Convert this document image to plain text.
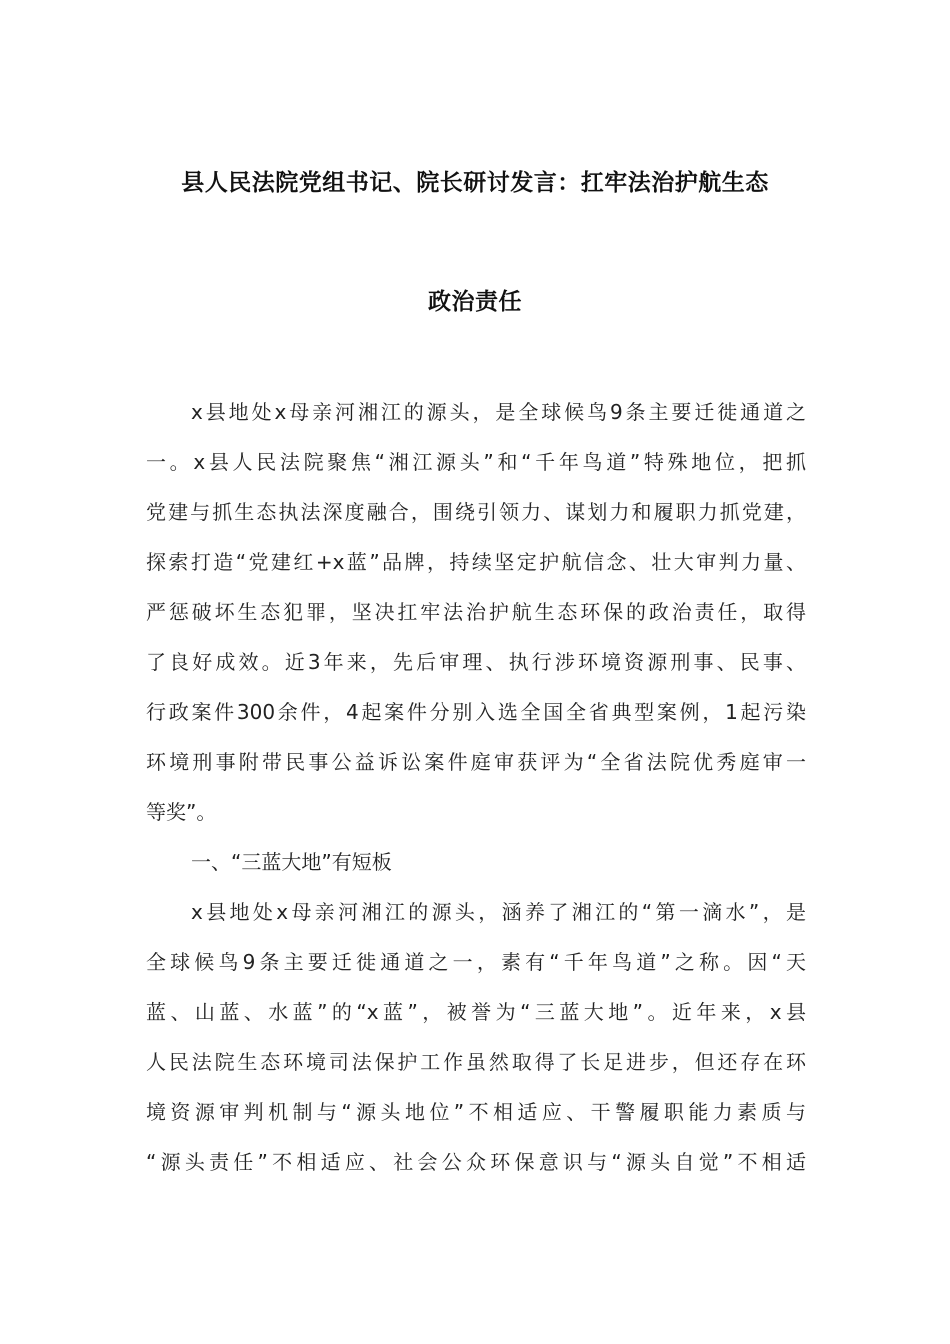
县人民法院党组书记、院长研讨发言：扛牢法治护航生态
政治责任
x县地处x母亲河湘江的源头，是全球候鸟9条主要迁徙通道之
一。x县人民法院聚焦“湘江源头”和“千年鸟道”特殊地位，把抓
党建与抓生态执法深度融合，围绕引领力、谋划力和履职力抓党建，
探索打造“党建红+x蓝”品牌，持续坚定护航信念、壮大审判力量、
严惩破坏生态犯罪，坚决扛牢法治护航生态环保的政治责任，取得
了良好成效。近3年来，先后审理、执行涉环境资源刑事、民事、
行政案件300余件，4起案件分别入选全国全省典型案例，1起污染
环境刑事附带民事公益诉讼案件庭审获评为“全省法院优秀庭审一
等奖”。
一、“三蓝大地”有短板
x县地处x母亲河湘江的源头，涵养了湘江的“第一滴水”，是
全球候鸟9条主要迁徙通道之一，素有“千年鸟道”之称。因“天
蓝、山蓝、水蓝”的“x蓝”，被誉为“三蓝大地”。近年来，x县
人民法院生态环境司法保护工作虽然取得了长足进步，但还存在环
境资源审判机制与“源头地位”不相适应、干警履职能力素质与
“源头责任”不相适应、社会公众环保意识与“源头自觉”不相适
